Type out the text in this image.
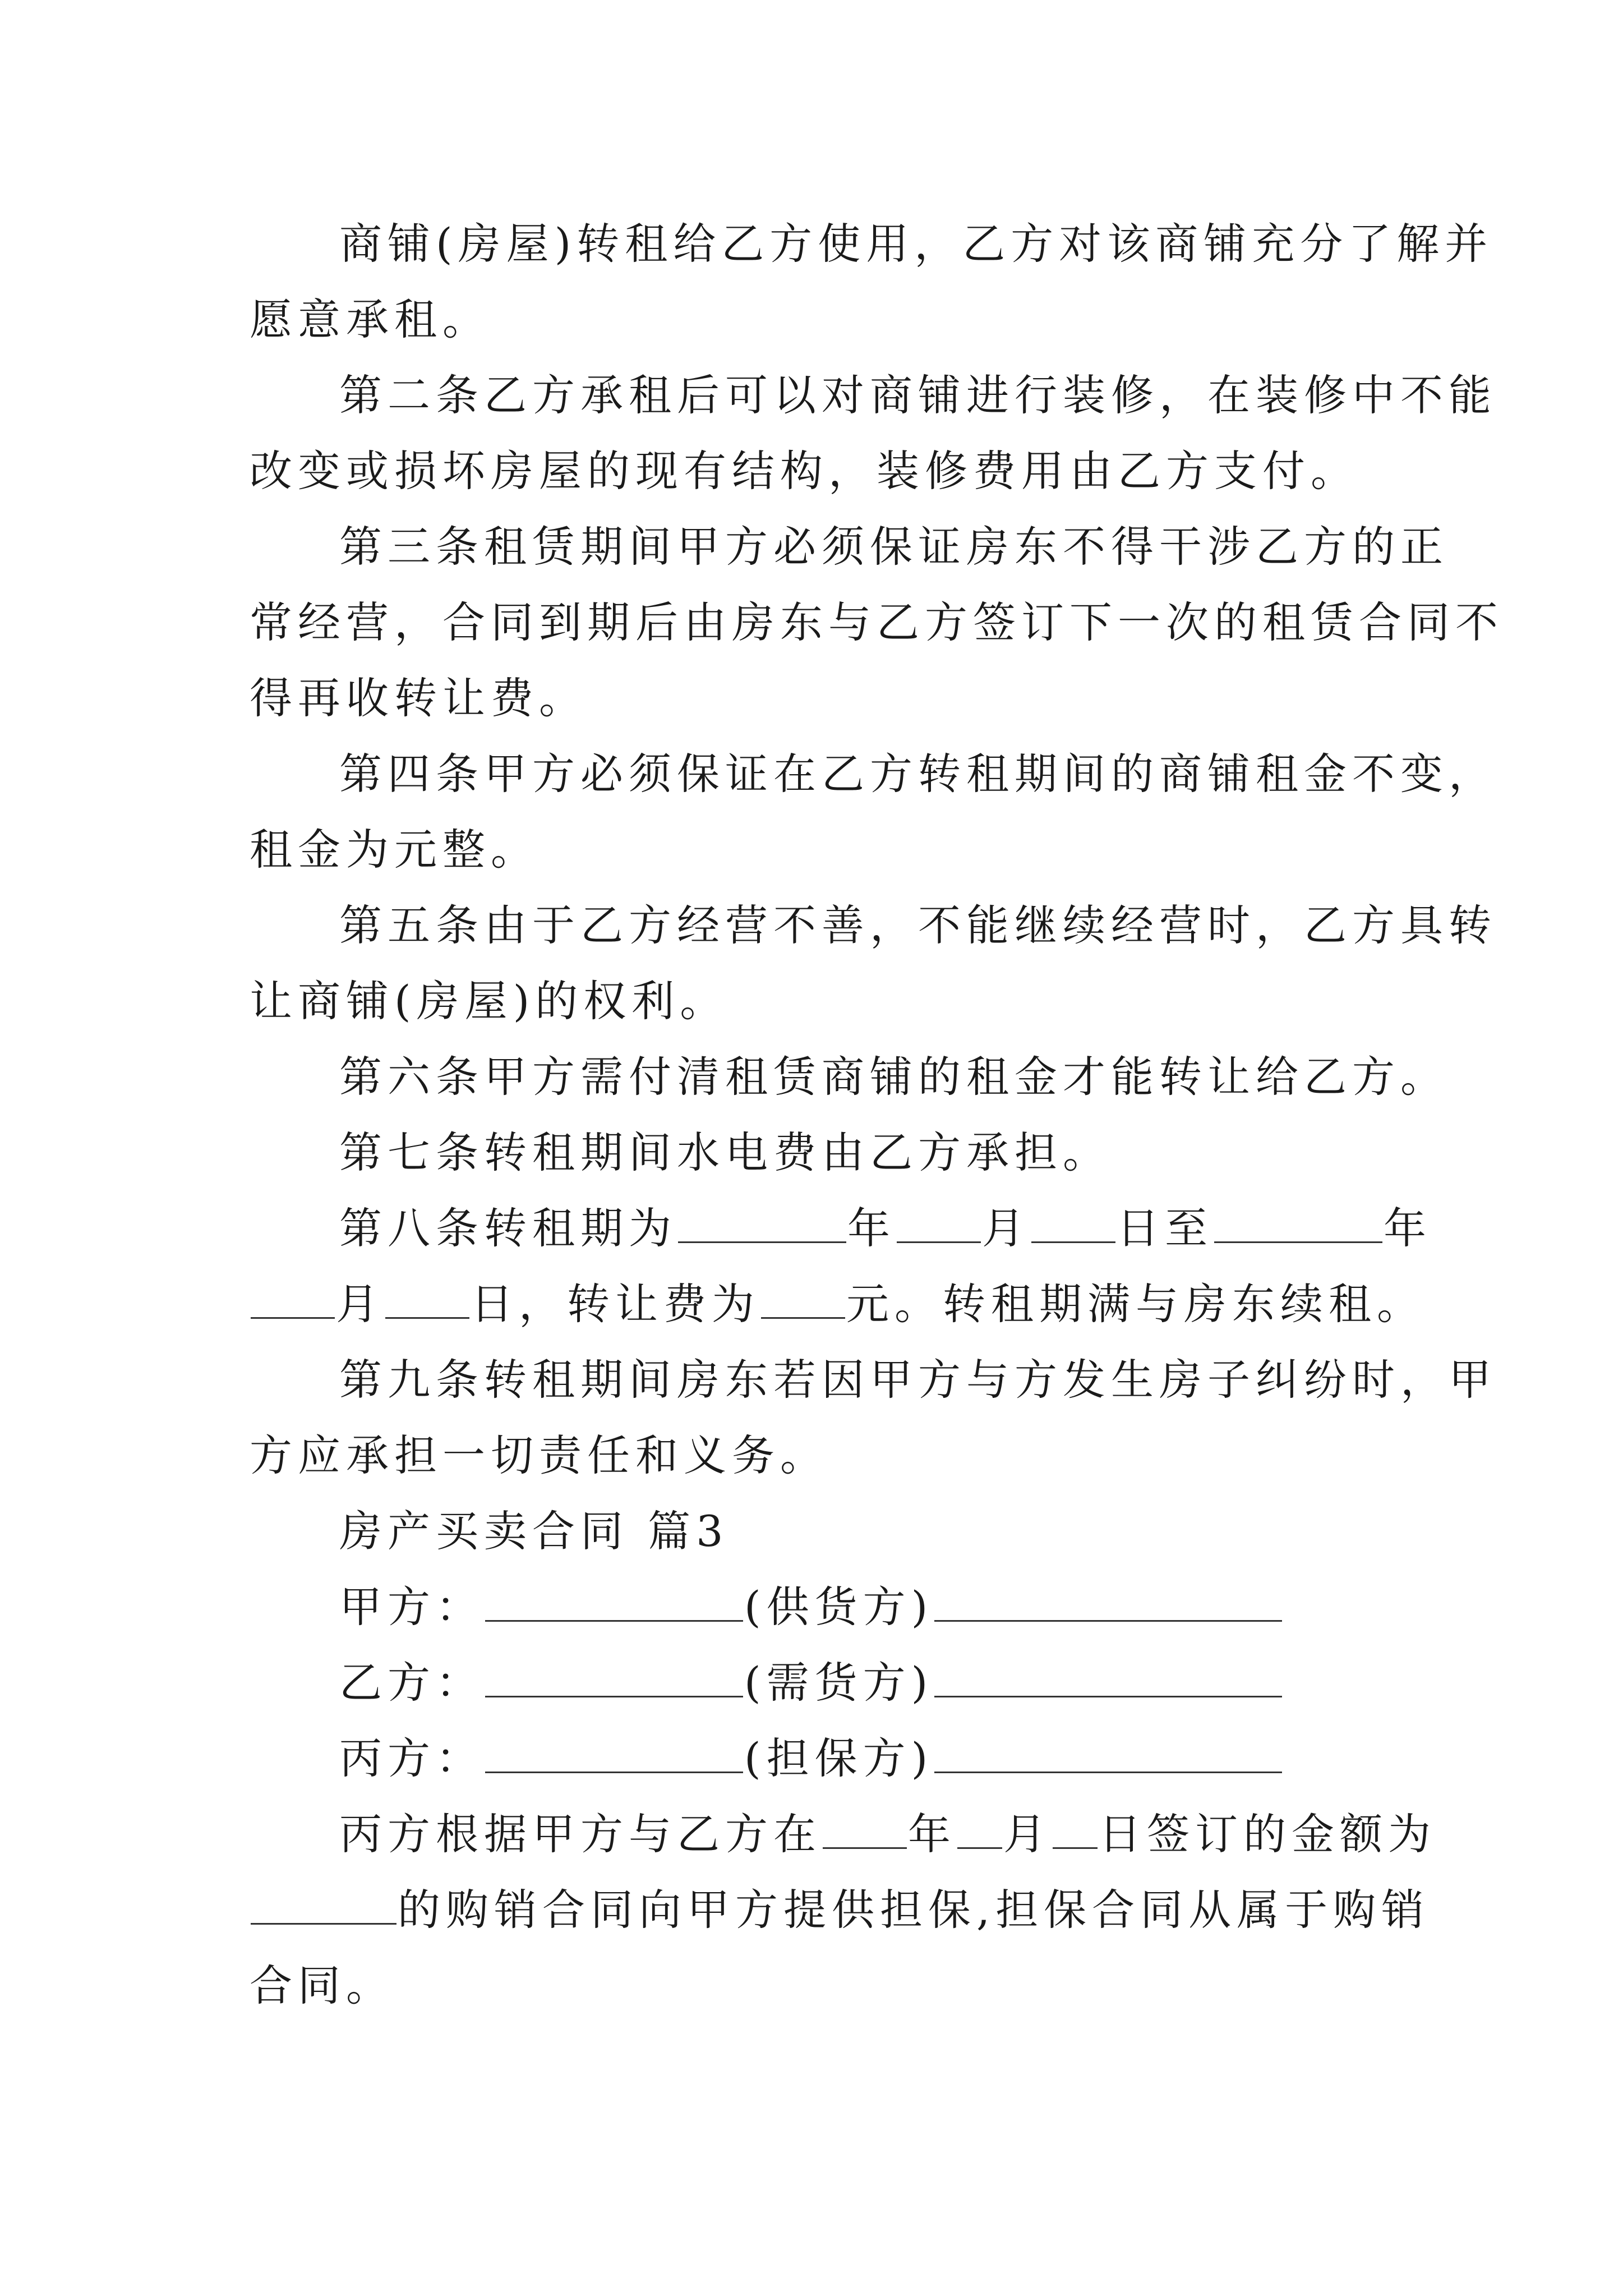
商铺(房屋)转租给乙方使用，乙方对该商铺充分了解并
愿意承租。
第二条乙方承租后可以对商铺进行装修，在装修中不能
改变或损坏房屋的现有结构，装修费用由乙方支付。
第三条租赁期间甲方必须保证房东不得干涉乙方的正
常经营，合同到期后由房东与乙方签订下一次的租赁合同不
得再收转让费。
第四条甲方必须保证在乙方转租期间的商铺租金不变，
租金为元整。
第五条由于乙方经营不善，不能继续经营时，乙方具转
让商铺(房屋)的权利。
第六条甲方需付清租赁商铺的租金才能转让给乙方。
第七条转租期间水电费由乙方承担。
第八条转租期为	年 月 日至	年
月 日，转让费为 元。转租期满与房东续租。
第九条转租期间房东若因甲方与方发生房子纠纷时，甲
方应承担一切责任和义务。
房产买卖合同 篇3
甲方：	(供货方)
乙方：	(需货方)
丙方：	(担保方)
丙方根据甲方与乙方在 年 月 日签订的金额为
的购销合同向甲方提供担保,担保合同从属于购销
合同。
